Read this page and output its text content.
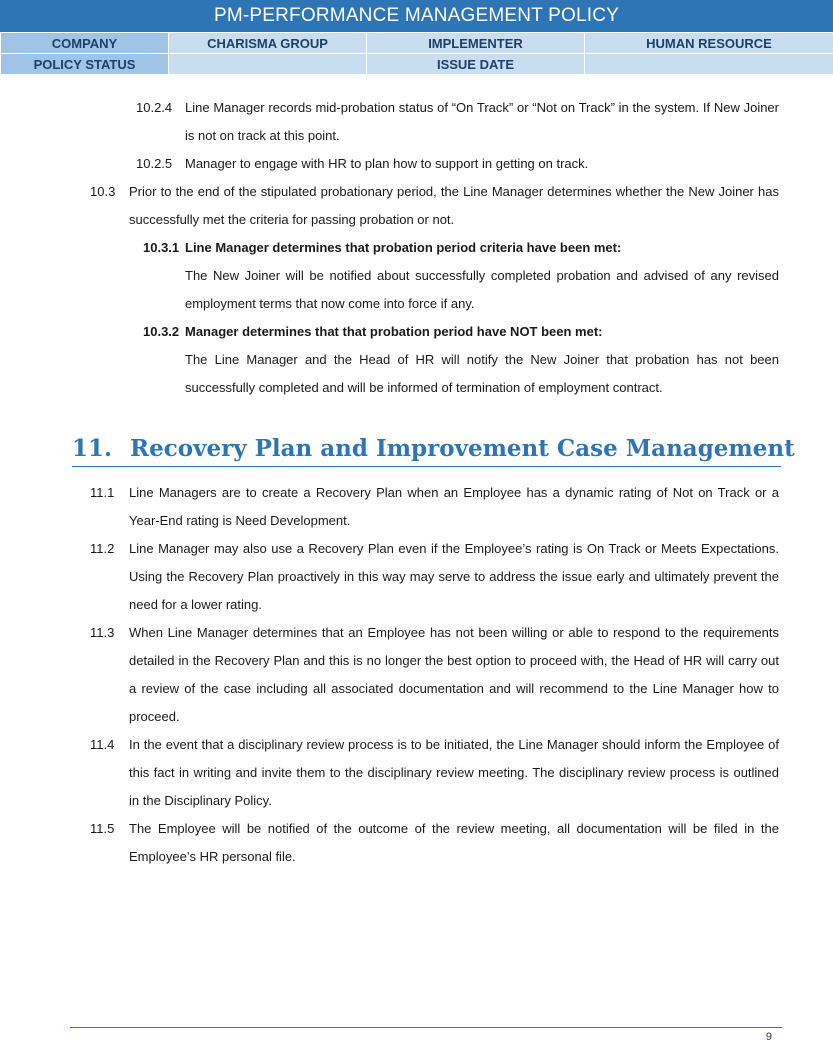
PM-PERFORMANCE MANAGEMENT POLICY
COMPANY	CHARISMA GROUP	IMPLEMENTER	HUMAN RESOURCE
POLICY STATUS		ISSUE DATE	
10.2.4 Line Manager records mid-probation status of “On Track” or “Not on Track” in the system. If New Joiner is not on track at this point.
10.2.5 Manager to engage with HR to plan how to support in getting on track.
10.3 Prior to the end of the stipulated probationary period, the Line Manager determines whether the New Joiner has successfully met the criteria for passing probation or not.
10.3.1 Line Manager determines that probation period criteria have been met:
The New Joiner will be notified about successfully completed probation and advised of any revised employment terms that now come into force if any.
10.3.2 Manager determines that that probation period have NOT been met:
The Line Manager and the Head of HR will notify the New Joiner that probation has not been successfully completed and will be informed of termination of employment contract.
11. Recovery Plan and Improvement Case Management
11.1 Line Managers are to create a Recovery Plan when an Employee has a dynamic rating of Not on Track or a Year-End rating is Need Development.
11.2 Line Manager may also use a Recovery Plan even if the Employee’s rating is On Track or Meets Expectations. Using the Recovery Plan proactively in this way may serve to address the issue early and ultimately prevent the need for a lower rating.
11.3 When Line Manager determines that an Employee has not been willing or able to respond to the requirements detailed in the Recovery Plan and this is no longer the best option to proceed with, the Head of HR will carry out a review of the case including all associated documentation and will recommend to the Line Manager how to proceed.
11.4 In the event that a disciplinary review process is to be initiated, the Line Manager should inform the Employee of this fact in writing and invite them to the disciplinary review meeting. The disciplinary review process is outlined in the Disciplinary Policy.
11.5 The Employee will be notified of the outcome of the review meeting, all documentation will be filed in the Employee’s HR personal file.
9
